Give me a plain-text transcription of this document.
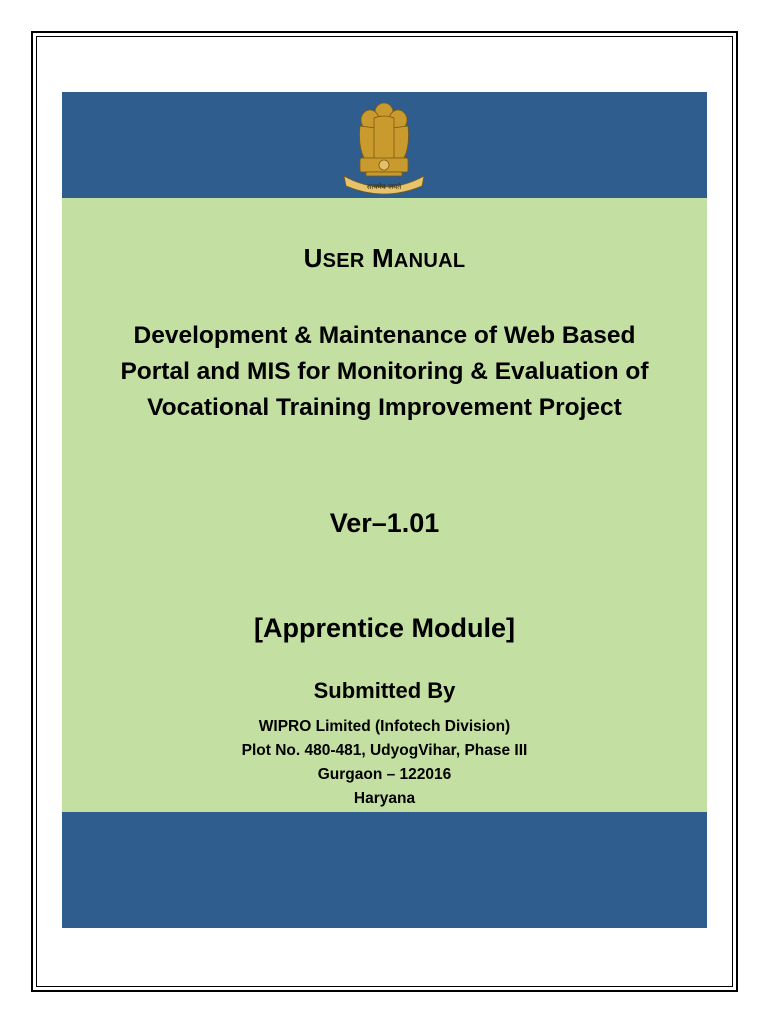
सत्यमेव जयते
USER MANUAL
Development & Maintenance of Web Based
Portal and MIS for Monitoring & Evaluation of
Vocational Training Improvement Project
Ver–1.01
[Apprentice Module]
Submitted By
WIPRO Limited (Infotech Division)
Plot No. 480-481, UdyogVihar, Phase III
Gurgaon – 122016
Haryana
